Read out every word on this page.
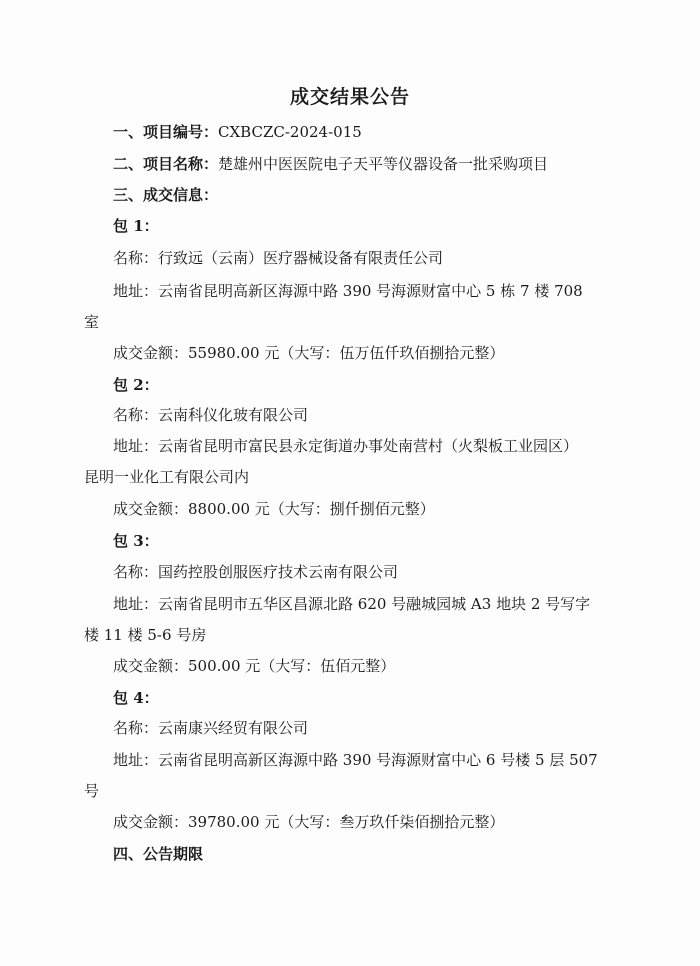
成交结果公告
一、项目编号：CXBCZC-2024-015
二、项目名称：楚雄州中医医院电子天平等仪器设备一批采购项目
三、成交信息：
包 1：
名称：行致远（云南）医疗器械设备有限责任公司
地址：云南省昆明高新区海源中路 390 号海源财富中心 5 栋 7 楼 708
室
成交金额：55980.00 元（大写：伍万伍仟玖佰捌拾元整）
包 2：
名称：云南科仪化玻有限公司
地址：云南省昆明市富民县永定街道办事处南营村（火梨板工业园区）
昆明一业化工有限公司内
成交金额：8800.00 元（大写：捌仟捌佰元整）
包 3：
名称：国药控股创服医疗技术云南有限公司
地址：云南省昆明市五华区昌源北路 620 号融城园城 A3 地块 2 号写字
楼 11 楼 5-6 号房
成交金额：500.00 元（大写：伍佰元整）
包 4：
名称：云南康兴经贸有限公司
地址：云南省昆明高新区海源中路 390 号海源财富中心 6 号楼 5 层 507
号
成交金额：39780.00 元（大写：叁万玖仟柒佰捌拾元整）
四、公告期限
